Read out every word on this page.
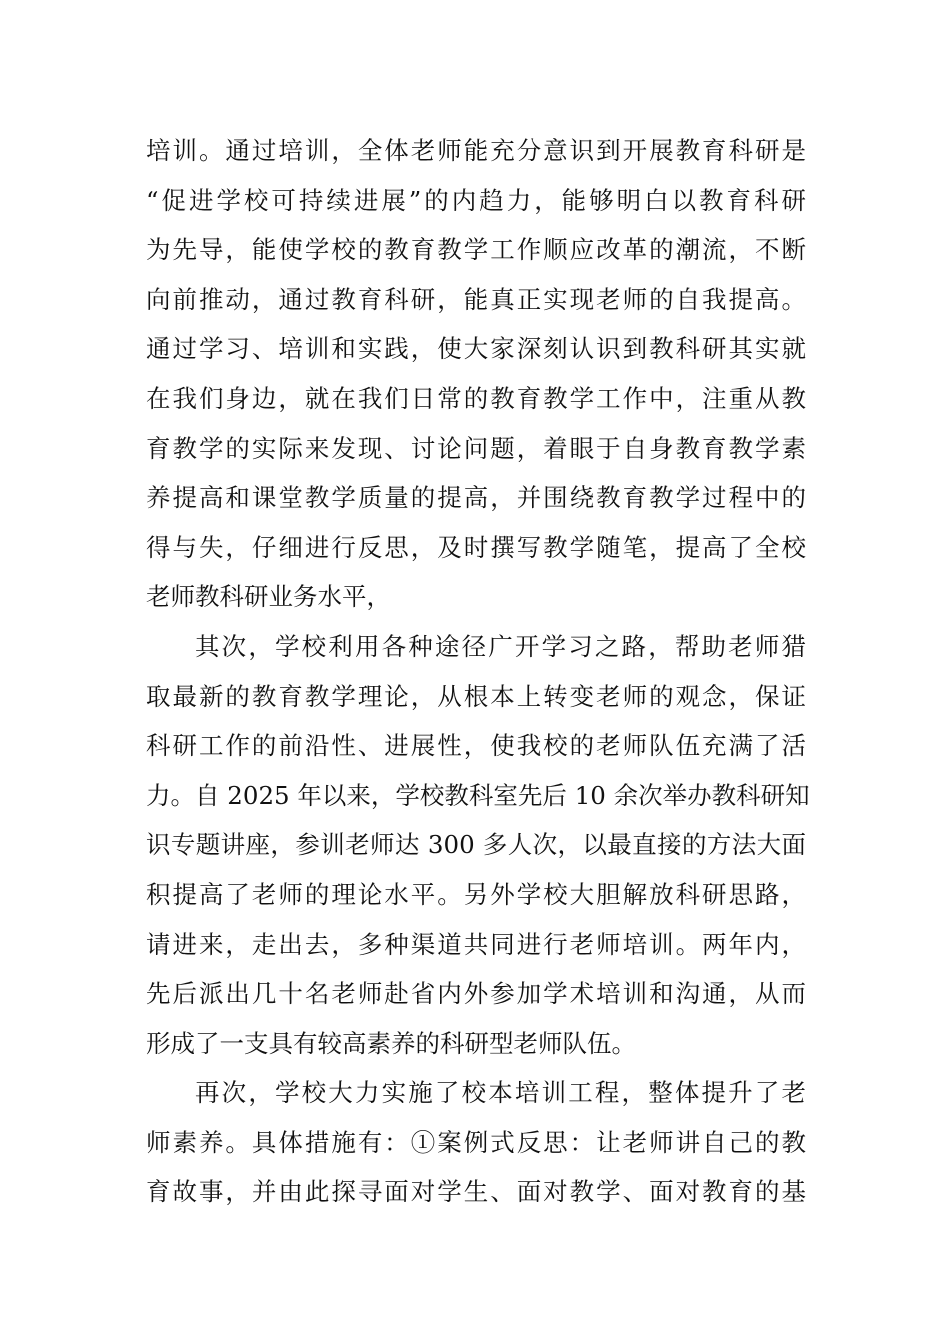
培训。通过培训，全体老师能充分意识到开展教育科研是
“促进学校可持续进展”的内趋力，能够明白以教育科研
为先导，能使学校的教育教学工作顺应改革的潮流，不断
向前推动，通过教育科研，能真正实现老师的自我提高。
通过学习、培训和实践，使大家深刻认识到教科研其实就
在我们身边，就在我们日常的教育教学工作中，注重从教
育教学的实际来发现、讨论问题，着眼于自身教育教学素
养提高和课堂教学质量的提高，并围绕教育教学过程中的
得与失，仔细进行反思，及时撰写教学随笔，提高了全校
老师教科研业务水平，
其次，学校利用各种途径广开学习之路，帮助老师猎
取最新的教育教学理论，从根本上转变老师的观念，保证
科研工作的前沿性、进展性，使我校的老师队伍充满了活
力。自 2025 年以来，学校教科室先后 10 余次举办教科研知
识专题讲座，参训老师达 300 多人次，以最直接的方法大面
积提高了老师的理论水平。另外学校大胆解放科研思路，
请进来，走出去，多种渠道共同进行老师培训。两年内，
先后派出几十名老师赴省内外参加学术培训和沟通，从而
形成了一支具有较高素养的科研型老师队伍。
再次，学校大力实施了校本培训工程，整体提升了老
师素养。具体措施有：①案例式反思：让老师讲自己的教
育故事，并由此探寻面对学生、面对教学、面对教育的基
